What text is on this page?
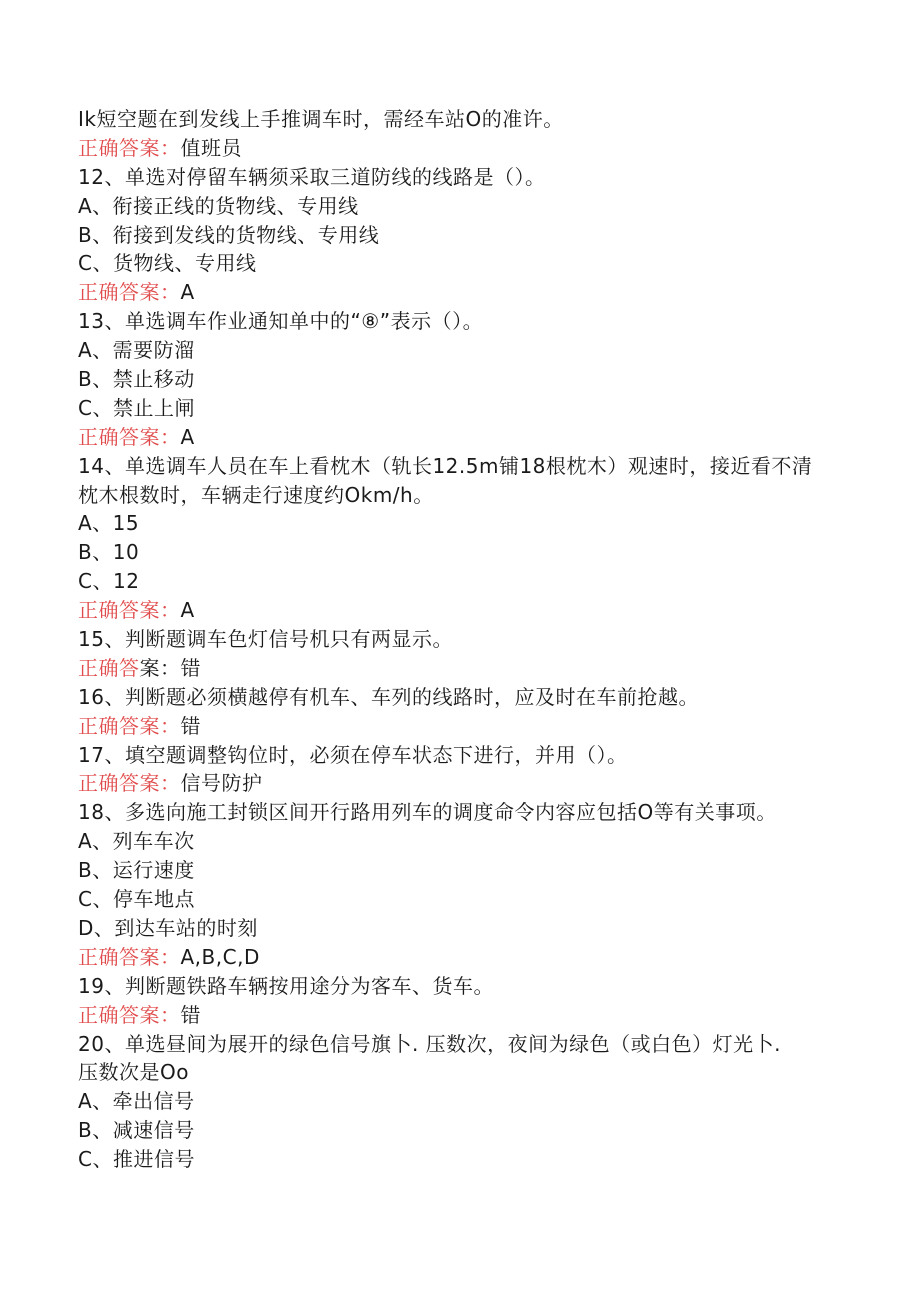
Ik短空题在到发线上手推调车时，需经车站O的准许。
正确答案：值班员
12、单选对停留车辆须采取三道防线的线路是（）。
A、衔接正线的货物线、专用线
B、衔接到发线的货物线、专用线
C、货物线、专用线
正确答案：A
13、单选调车作业通知单中的“⑧”表示（）。
A、需要防溜
B、禁止移动
C、禁止上闸
正确答案：A
14、单选调车人员在车上看枕木（轨长12.5m铺18根枕木）观速时，接近看不清
枕木根数时，车辆走行速度约Okm/h。
A、15
B、10
C、12
正确答案：A
15、判断题调车色灯信号机只有两显示。
正确答案：错
16、判断题必须横越停有机车、车列的线路时，应及时在车前抢越。
正确答案：错
17、填空题调整钩位时，必须在停车状态下进行，并用（）。
正确答案：信号防护
18、多选向施工封锁区间开行路用列车的调度命令内容应包括O等有关事项。
A、列车车次
B、运行速度
C、停车地点
D、到达车站的时刻
正确答案：A,B,C,D
19、判断题铁路车辆按用途分为客车、货车。
正确答案：错
20、单选昼间为展开的绿色信号旗卜. 压数次，夜间为绿色（或白色）灯光卜.
压数次是Oo
A、牵出信号
B、减速信号
C、推进信号
